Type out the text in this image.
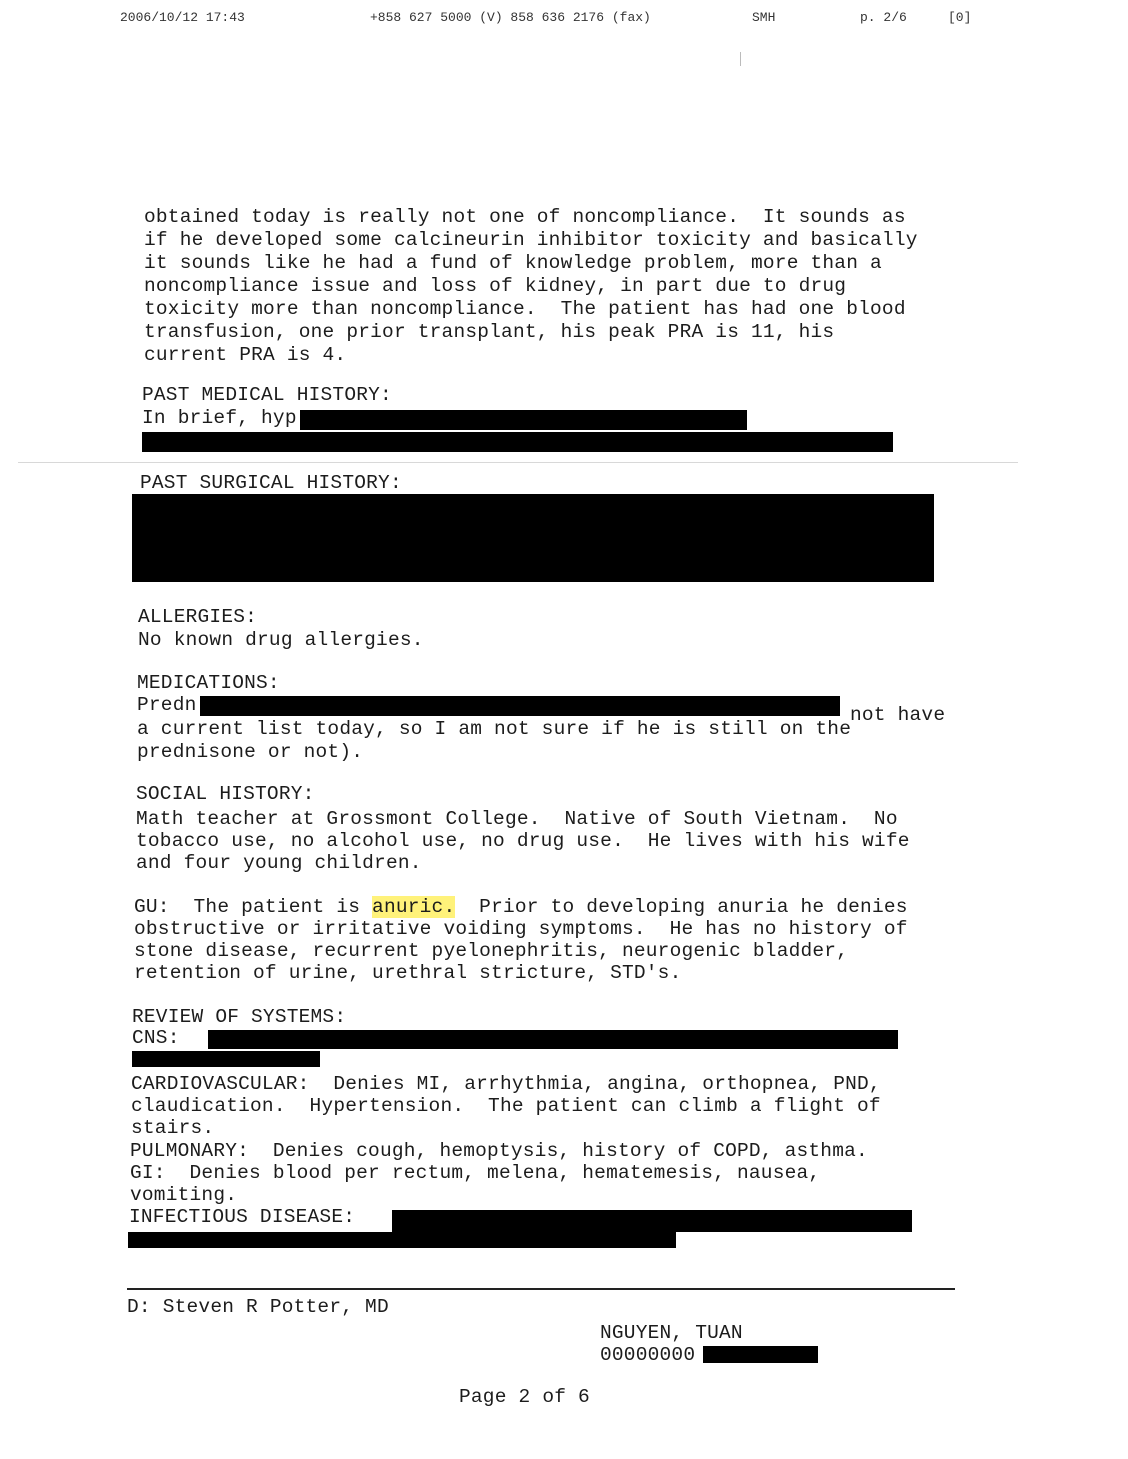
2006/10/12 17:43	+858 627 5000 (V) 858 636 2176 (fax)	SMH	p. 2/6	[0]
obtained today is really not one of noncompliance.  It sounds as
if he developed some calcineurin inhibitor toxicity and basically
it sounds like he had a fund of knowledge problem, more than a
noncompliance issue and loss of kidney, in part due to drug
toxicity more than noncompliance.  The patient has had one blood
transfusion, one prior transplant, his peak PRA is 11, his
current PRA is 4.
PAST MEDICAL HISTORY:
In brief, hyp
PAST SURGICAL HISTORY:
ALLERGIES:
No known drug allergies.
MEDICATIONS:
Predn	not have
a current list today, so I am not sure if he is still on the
prednisone or not).
SOCIAL HISTORY:
Math teacher at Grossmont College.  Native of South Vietnam.  No
tobacco use, no alcohol use, no drug use.  He lives with his wife
and four young children.
GU:  The patient is anuric.  Prior to developing anuria he denies
obstructive or irritative voiding symptoms.  He has no history of
stone disease, recurrent pyelonephritis, neurogenic bladder,
retention of urine, urethral stricture, STD's.
REVIEW OF SYSTEMS:
CNS:
CARDIOVASCULAR:  Denies MI, arrhythmia, angina, orthopnea, PND,
claudication.  Hypertension.  The patient can climb a flight of
stairs.
PULMONARY:  Denies cough, hemoptysis, history of COPD, asthma.
GI:  Denies blood per rectum, melena, hematemesis, nausea,
vomiting.
INFECTIOUS DISEASE:
D: Steven R Potter, MD
NGUYEN, TUAN
00000000
Page 2 of 6
